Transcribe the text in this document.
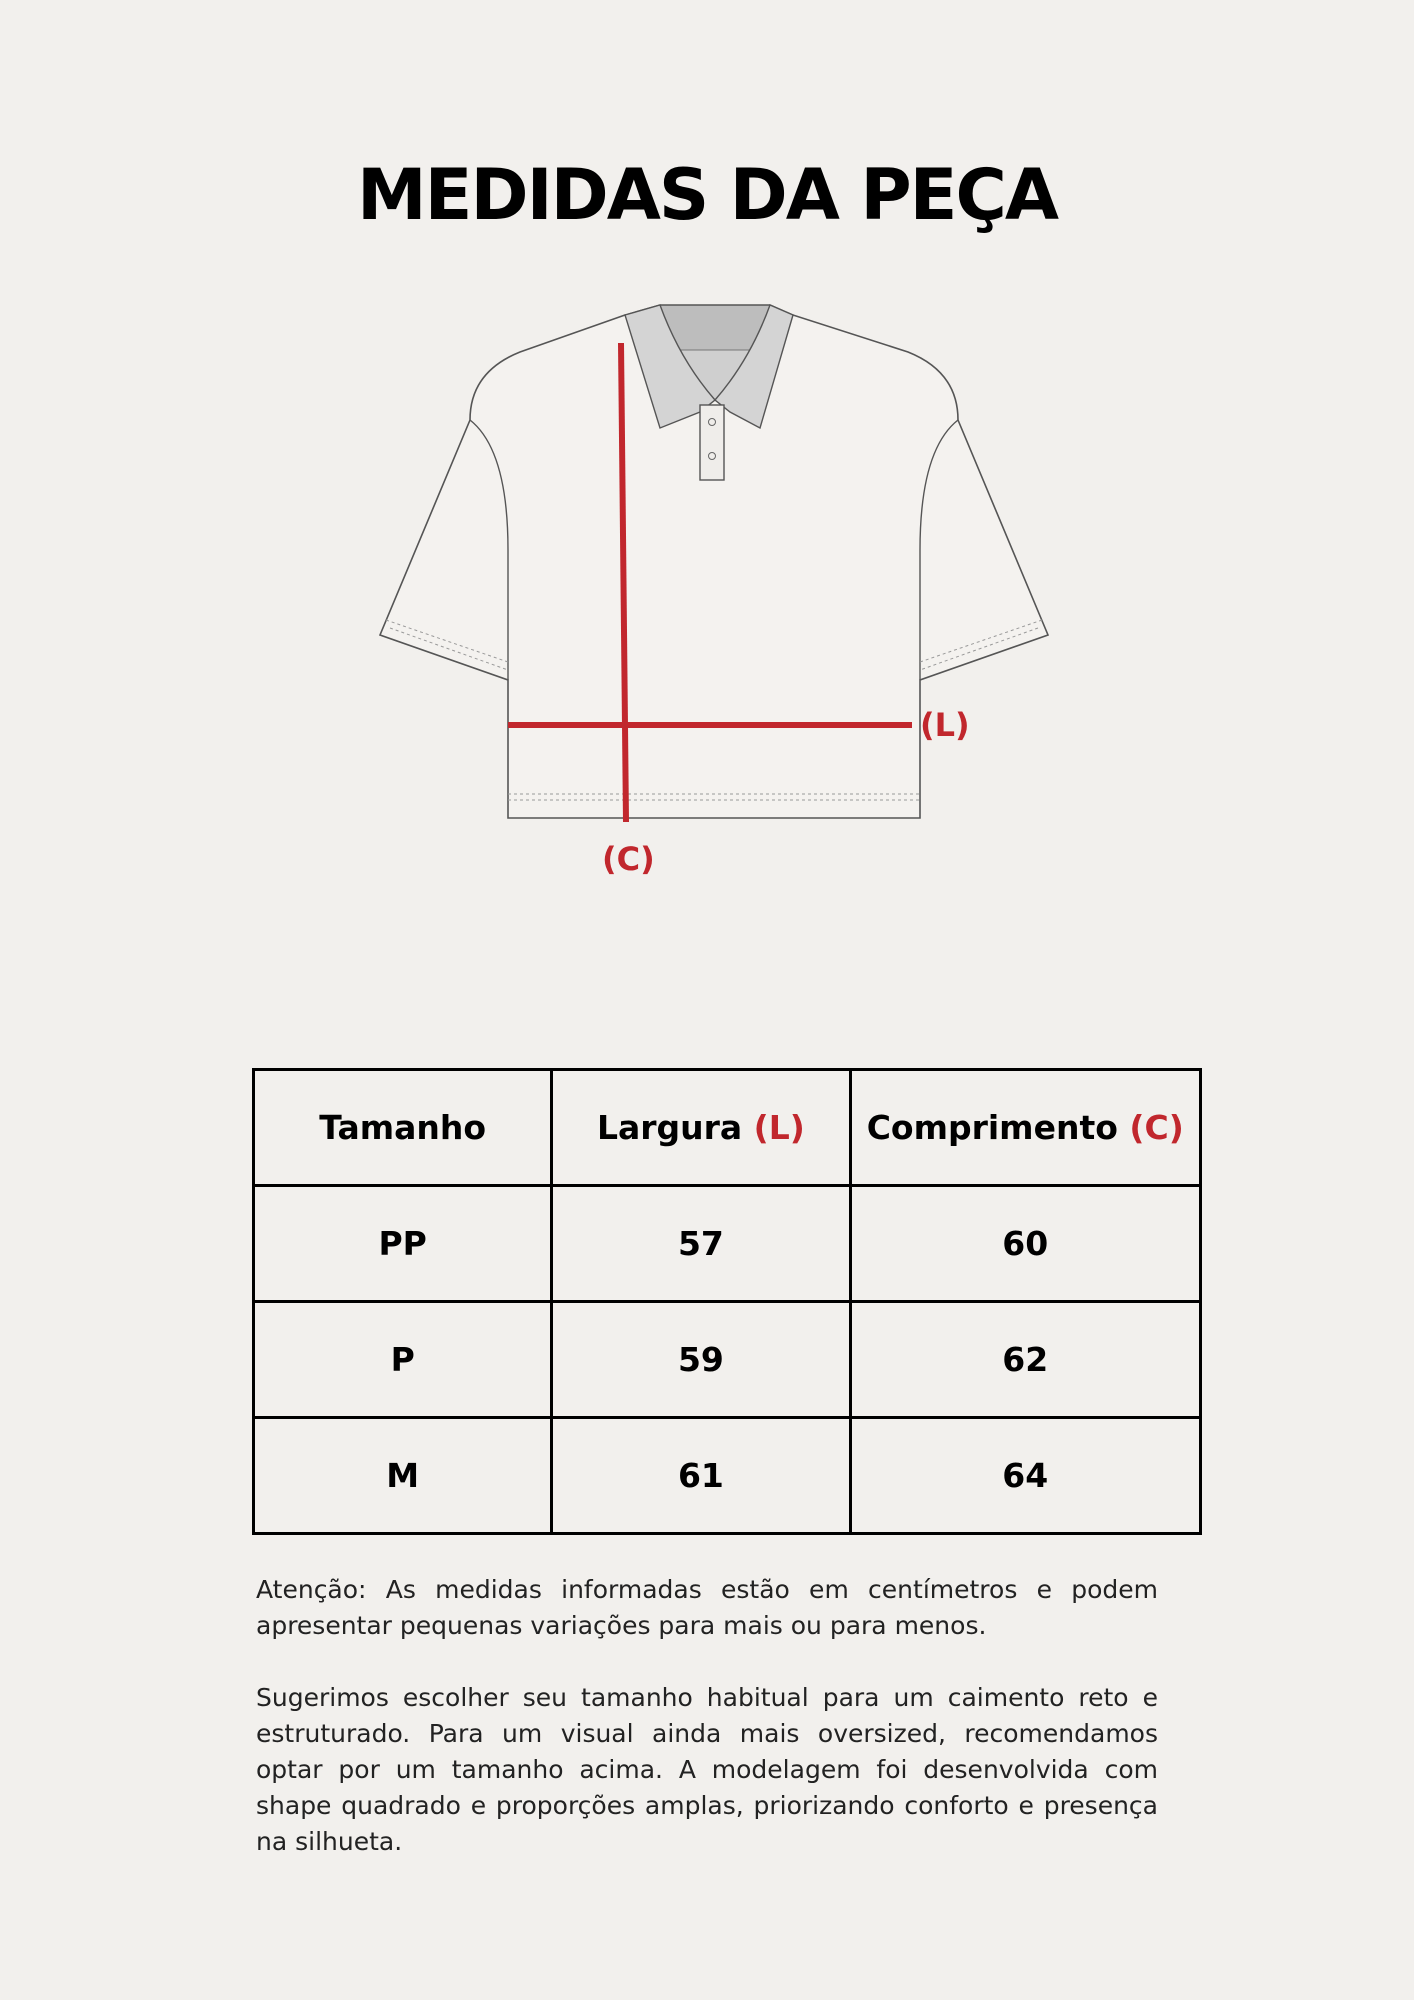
MEDIDAS DA PEÇA
(L)
(C)
Tamanho	Largura (L)	Comprimento (C)
PP	57	60
P	59	62
M	61	64

Atenção: As medidas informadas estão em centímetros e podem apresentar pequenas variações para mais ou para menos.

Sugerimos escolher seu tamanho habitual para um caimento reto e estruturado. Para um visual ainda mais oversized, recomendamos optar por um tamanho acima. A modelagem foi desenvolvida com shape quadrado e proporções amplas, priorizando conforto e presença na silhueta.
